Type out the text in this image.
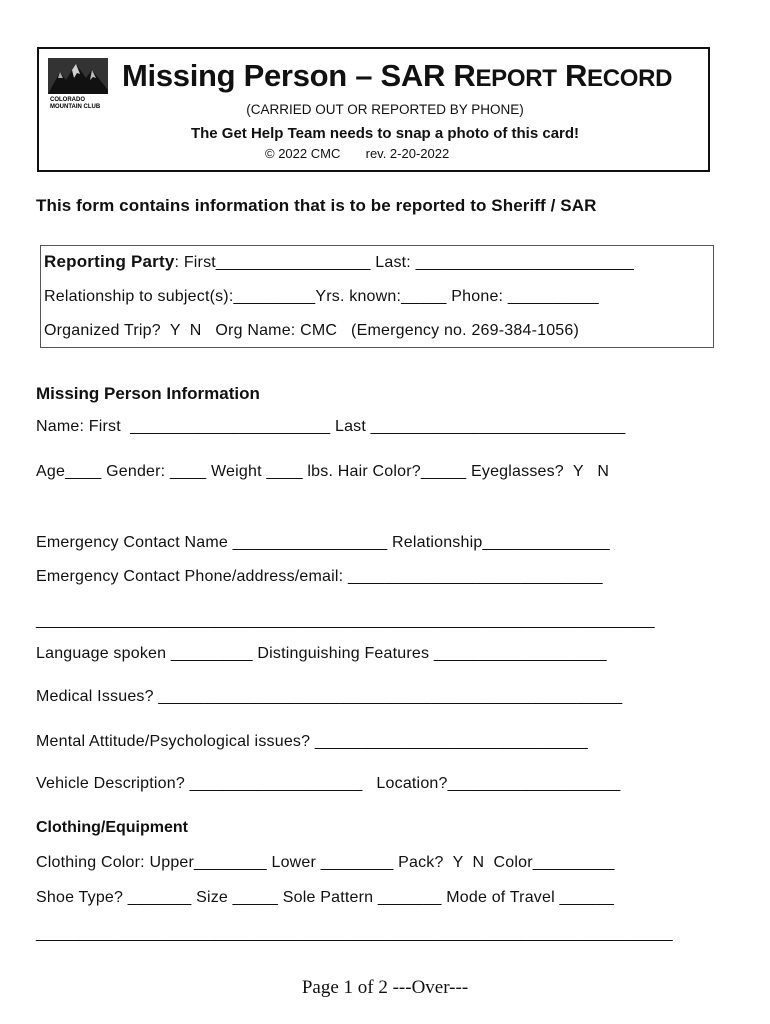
COLORADO
MOUNTAIN CLUB
Missing Person – SAR REPORT RECORD
(CARRIED OUT OR REPORTED BY PHONE)
The Get Help Team needs to snap a photo of this card!
© 2022 CMC       rev. 2-20-2022
This form contains information that is to be reported to Sheriff / SAR
Reporting Party: First_________________ Last: ________________________
Relationship to subject(s):_________Yrs. known:_____ Phone: __________
Organized Trip?  Y  N   Org Name: CMC   (Emergency no. 269-384-1056)
Missing Person Information
Name: First  ______________________ Last ____________________________
Age____ Gender: ____ Weight ____ lbs. Hair Color?_____ Eyeglasses?  Y   N
Emergency Contact Name _________________ Relationship______________
Emergency Contact Phone/address/email: ____________________________
____________________________________________________________________
Language spoken _________ Distinguishing Features ___________________
Medical Issues? ___________________________________________________
Mental Attitude/Psychological issues? ______________________________
Vehicle Description? ___________________   Location?___________________
Clothing/Equipment
Clothing Color: Upper________ Lower ________ Pack?  Y  N  Color_________
Shoe Type? _______ Size _____ Sole Pattern _______ Mode of Travel ______
______________________________________________________________________
Page 1 of 2 ---Over---
